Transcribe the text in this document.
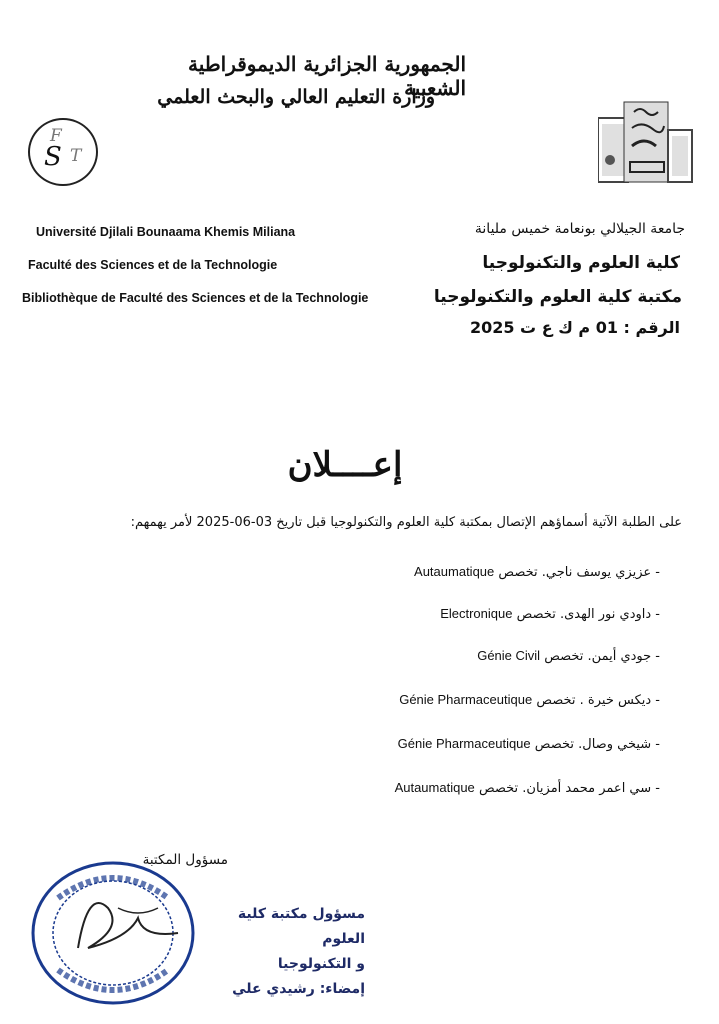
الجمهورية الجزائرية الديموقراطية الشعبية
وزارة التعليم العالي والبحث العلمي
F
S T
Université Djilali Bounaama Khemis Miliana
Faculté des Sciences et de la Technologie
Bibliothèque de Faculté des Sciences et de la Technologie
جامعة الجيلالي بونعامة خميس مليانة
كلية العلوم والتكنولوجيا
مكتبة كلية العلوم والتكنولوجيا
الرقم : 01 م ك ع ت 2025
إعــــلان
على الطلبة الآتية أسماؤهم الإتصال بمكتبة كلية العلوم والتكنولوجيا قبل تاريخ 03-06-2025 لأمر يهمهم:
- عزيزي يوسف ناجي. تخصص Autaumatique
- داودي نور الهدى. تخصص Electronique
- جودي أيمن. تخصص Génie Civil
- ديكس خيرة . تخصص Génie Pharmaceutique
- شيخي وصال. تخصص Génie Pharmaceutique
- سي اعمر محمد أمزيان. تخصص Autaumatique
مسؤول المكتبة
مسؤول مكتبة كلية العلوم
و التكنولوجيا
إمضاء: رشيدي علي
